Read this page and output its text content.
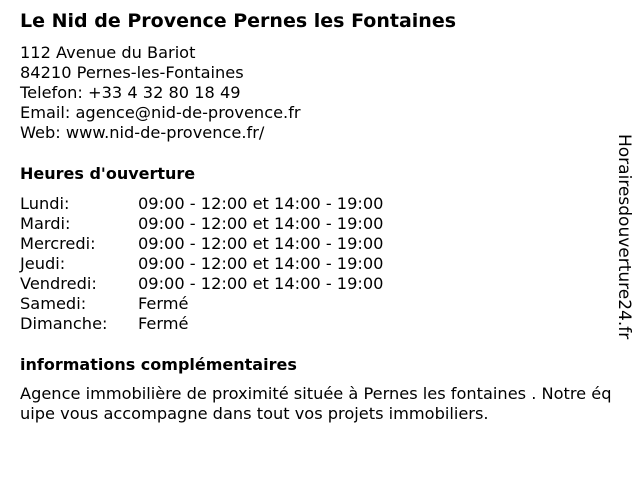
Le Nid de Provence Pernes les Fontaines
112 Avenue du Bariot
84210 Pernes-les-Fontaines
Telefon: +33 4 32 80 18 49
Email: agence@nid-de-provence.fr
Web: www.nid-de-provence.fr/
Heures d'ouverture
Lundi:	09:00 - 12:00 et 14:00 - 19:00
Mardi:	09:00 - 12:00 et 14:00 - 19:00
Mercredi:	09:00 - 12:00 et 14:00 - 19:00
Jeudi:	09:00 - 12:00 et 14:00 - 19:00
Vendredi:	09:00 - 12:00 et 14:00 - 19:00
Samedi:	Fermé
Dimanche:	Fermé
informations complémentaires
Agence immobilière de proximité située à Pernes les fontaines . Notre équipe vous accompagne dans tout vos projets immobiliers.
Horairesdouverture24.fr
